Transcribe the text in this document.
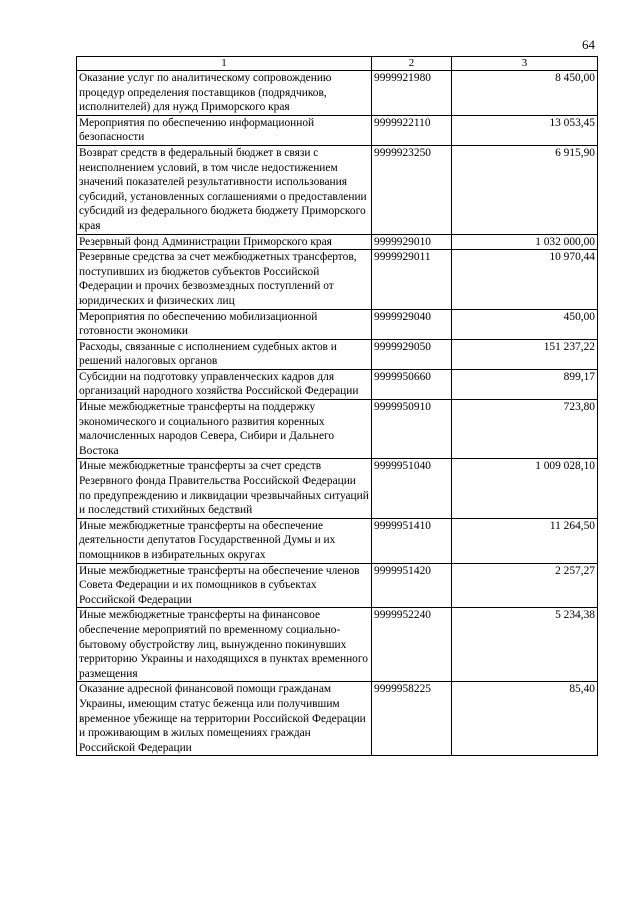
64
1	2	3
Оказание услуг по аналитическому сопровождению процедур определения поставщиков (подрядчиков, исполнителей) для нужд Приморского края	9999921980	8 450,00
Мероприятия по обеспечению информационной безопасности	9999922110	13 053,45
Возврат средств в федеральный бюджет в связи с неисполнением условий, в том числе недостижением значений показателей результативности использования субсидий, установленных соглашениями о предоставлении субсидий из федерального бюджета бюджету Приморского края	9999923250	6 915,90
Резервный фонд Администрации Приморского края	9999929010	1 032 000,00
Резервные средства за счет межбюджетных трансфертов, поступивших из бюджетов субъектов Российской Федерации и прочих безвозмездных поступлений от юридических и физических лиц	9999929011	10 970,44
Мероприятия по обеспечению мобилизационной готовности экономики	9999929040	450,00
Расходы, связанные с исполнением судебных актов и решений налоговых органов	9999929050	151 237,22
Субсидии на подготовку управленческих кадров для организаций народного хозяйства Российской Федерации	9999950660	899,17
Иные межбюджетные трансферты на поддержку экономического и социального развития коренных малочисленных народов Севера, Сибири и Дальнего Востока	9999950910	723,80
Иные межбюджетные трансферты за счет средств Резервного фонда Правительства Российской Федерации по предупреждению и ликвидации чрезвычайных ситуаций и последствий стихийных бедствий	9999951040	1 009 028,10
Иные межбюджетные трансферты на обеспечение деятельности депутатов Государственной Думы и их помощников в избирательных округах	9999951410	11 264,50
Иные межбюджетные трансферты на обеспечение членов Совета Федерации и их помощников в субъектах Российской Федерации	9999951420	2 257,27
Иные межбюджетные трансферты на финансовое обеспечение мероприятий по временному социально-бытовому обустройству лиц, вынужденно покинувших территорию Украины и находящихся в пунктах временного размещения	9999952240	5 234,38
Оказание адресной финансовой помощи гражданам Украины, имеющим статус беженца или получившим временное убежище на территории Российской Федерации и проживающим в жилых помещениях граждан Российской Федерации	9999958225	85,40
